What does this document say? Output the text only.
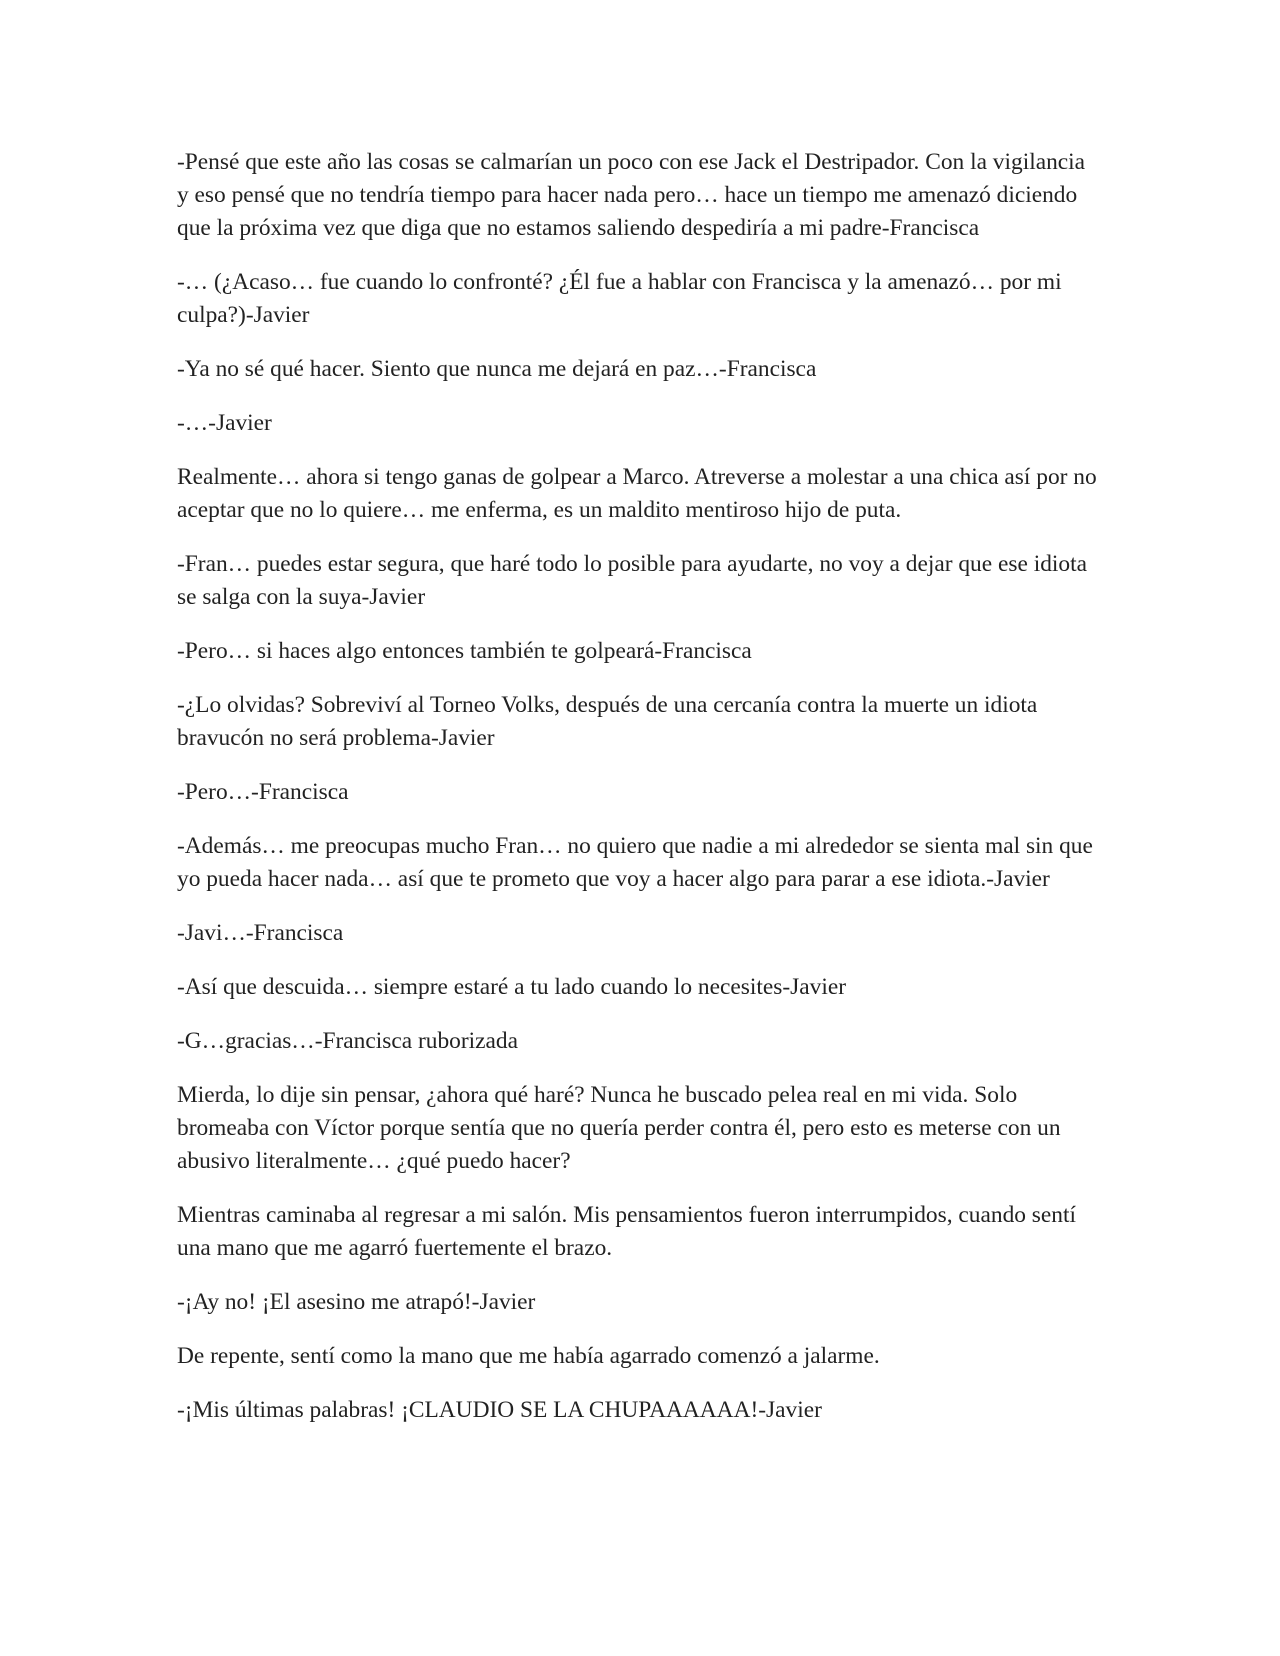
-Pensé que este año las cosas se calmarían un poco con ese Jack el Destripador. Con la vigilancia y eso pensé que no tendría tiempo para hacer nada pero… hace un tiempo me amenazó diciendo que la próxima vez que diga que no estamos saliendo despediría a mi padre-Francisca

-… (¿Acaso… fue cuando lo confronté? ¿Él fue a hablar con Francisca y la amenazó… por mi culpa?)-Javier

-Ya no sé qué hacer. Siento que nunca me dejará en paz…-Francisca

-…-Javier

Realmente… ahora si tengo ganas de golpear a Marco. Atreverse a molestar a una chica así por no aceptar que no lo quiere… me enferma, es un maldito mentiroso hijo de puta.

-Fran… puedes estar segura, que haré todo lo posible para ayudarte, no voy a dejar que ese idiota se salga con la suya-Javier

-Pero… si haces algo entonces también te golpeará-Francisca

-¿Lo olvidas? Sobreviví al Torneo Volks, después de una cercanía contra la muerte un idiota bravucón no será problema-Javier

-Pero…-Francisca

-Además… me preocupas mucho Fran… no quiero que nadie a mi alrededor se sienta mal sin que yo pueda hacer nada… así que te prometo que voy a hacer algo para parar a ese idiota.-Javier

-Javi…-Francisca

-Así que descuida… siempre estaré a tu lado cuando lo necesites-Javier

-G…gracias…-Francisca ruborizada

Mierda, lo dije sin pensar, ¿ahora qué haré? Nunca he buscado pelea real en mi vida. Solo bromeaba con Víctor porque sentía que no quería perder contra él, pero esto es meterse con un abusivo literalmente… ¿qué puedo hacer?

Mientras caminaba al regresar a mi salón. Mis pensamientos fueron interrumpidos, cuando sentí una mano que me agarró fuertemente el brazo.

-¡Ay no! ¡El asesino me atrapó!-Javier

De repente, sentí como la mano que me había agarrado comenzó a jalarme.

-¡Mis últimas palabras! ¡CLAUDIO SE LA CHUPAAAAAA!-Javier
